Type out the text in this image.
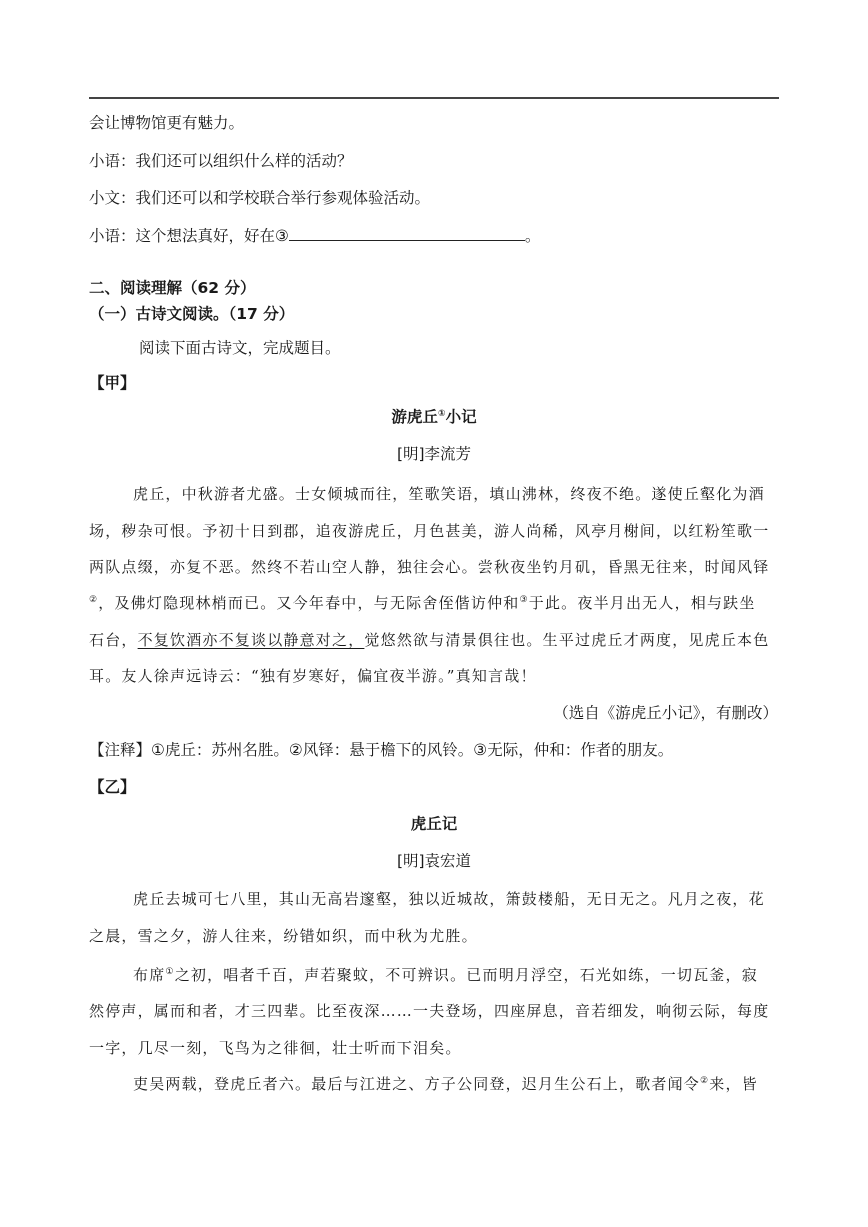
会让博物馆更有魅力。
小语：我们还可以组织什么样的活动？
小文：我们还可以和学校联合举行参观体验活动。
小语：这个想法真好，好在③	。
二、阅读理解（62 分）
（一）古诗文阅读。（17 分）
阅读下面古诗文，完成题目。
【甲】
游虎丘①小记
[明]李流芳
虎丘，中秋游者尤盛。士女倾城而往，笙歌笑语，填山沸林，终夜不绝。遂使丘壑化为酒
场，秽杂可恨。予初十日到郡，追夜游虎丘，月色甚美，游人尚稀，风亭月榭间，以红粉笙歌一
两队点缀，亦复不恶。然终不若山空人静，独往会心。尝秋夜坐钓月矶，昏黑无往来，时闻风铎
②，及佛灯隐现林梢而已。又今年春中，与无际舍侄偕访仲和③于此。夜半月出无人，相与趺坐
石台，不复饮酒亦不复谈以静意对之，觉悠然欲与清景俱往也。生平过虎丘才两度，见虎丘本色
耳。友人徐声远诗云：“独有岁寒好，偏宜夜半游。”真知言哉！
（选自《游虎丘小记》，有删改）
【注释】①虎丘：苏州名胜。②风铎：悬于檐下的风铃。③无际，仲和：作者的朋友。
【乙】
虎丘记
[明]袁宏道
虎丘去城可七八里，其山无高岩邃壑，独以近城故，箫鼓楼船，无日无之。凡月之夜，花
之晨，雪之夕，游人往来，纷错如织，而中秋为尤胜。
布席①之初，唱者千百，声若聚蚊，不可辨识。已而明月浮空，石光如练，一切瓦釜，寂
然停声，属而和者，才三四辈。比至夜深……一夫登场，四座屏息，音若细发，响彻云际，每度
一字，几尽一刻，飞鸟为之徘徊，壮士听而下泪矣。
吏吴两载，登虎丘者六。最后与江进之、方子公同登，迟月生公石上，歌者闻令②来，皆
